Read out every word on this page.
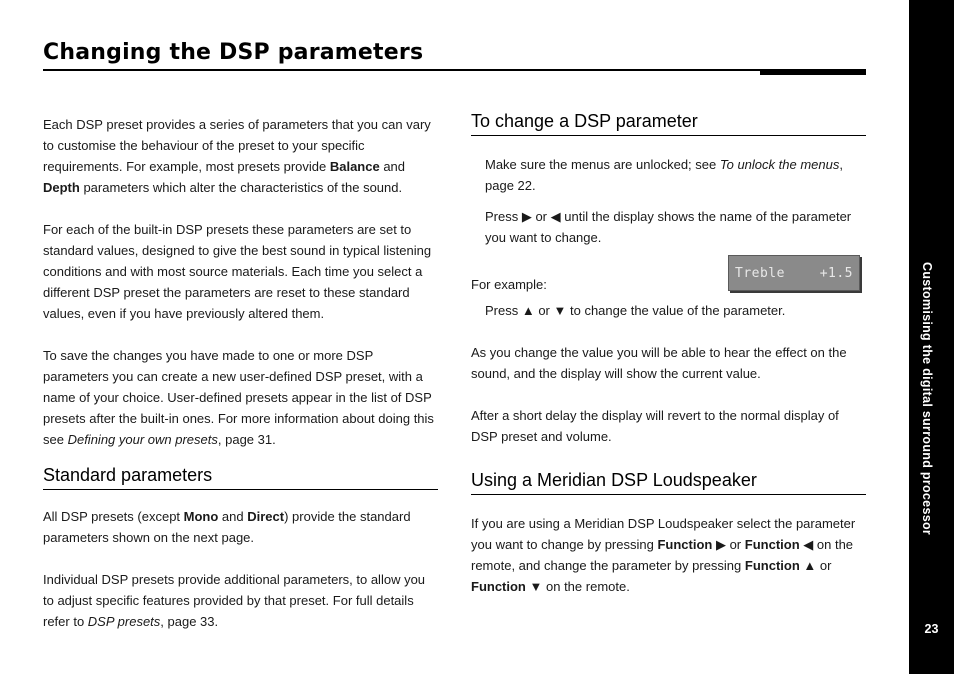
Changing the DSP parameters

Each DSP preset provides a series of parameters that you can vary to customise the behaviour of the preset to your specific requirements. For example, most presets provide Balance and Depth parameters which alter the characteristics of the sound.

For each of the built-in DSP presets these parameters are set to standard values, designed to give the best sound in typical listening conditions and with most source materials. Each time you select a different DSP preset the parameters are reset to these standard values, even if you have previously altered them.

To save the changes you have made to one or more DSP parameters you can create a new user-defined DSP preset, with a name of your choice. User-defined presets appear in the list of DSP presets after the built-in ones. For more information about doing this see Defining your own presets, page 31.

Standard parameters

All DSP presets (except Mono and Direct) provide the standard parameters shown on the next page.

Individual DSP presets provide additional parameters, to allow you to adjust specific features provided by that preset. For full details refer to DSP presets, page 33.

To change a DSP parameter

Make sure the menus are unlocked; see To unlock the menus, page 22.

Press ▶ or ◀ until the display shows the name of the parameter you want to change.

For example:
Treble	+1.5

Press ▲ or ▼ to change the value of the parameter.

As you change the value you will be able to hear the effect on the sound, and the display will show the current value.

After a short delay the display will revert to the normal display of DSP preset and volume.

Using a Meridian DSP Loudspeaker

If you are using a Meridian DSP Loudspeaker select the parameter you want to change by pressing Function ▶ or Function ◀ on the remote, and change the parameter by pressing Function ▲ or Function ▼ on the remote.

Customising the digital surround processor
23
